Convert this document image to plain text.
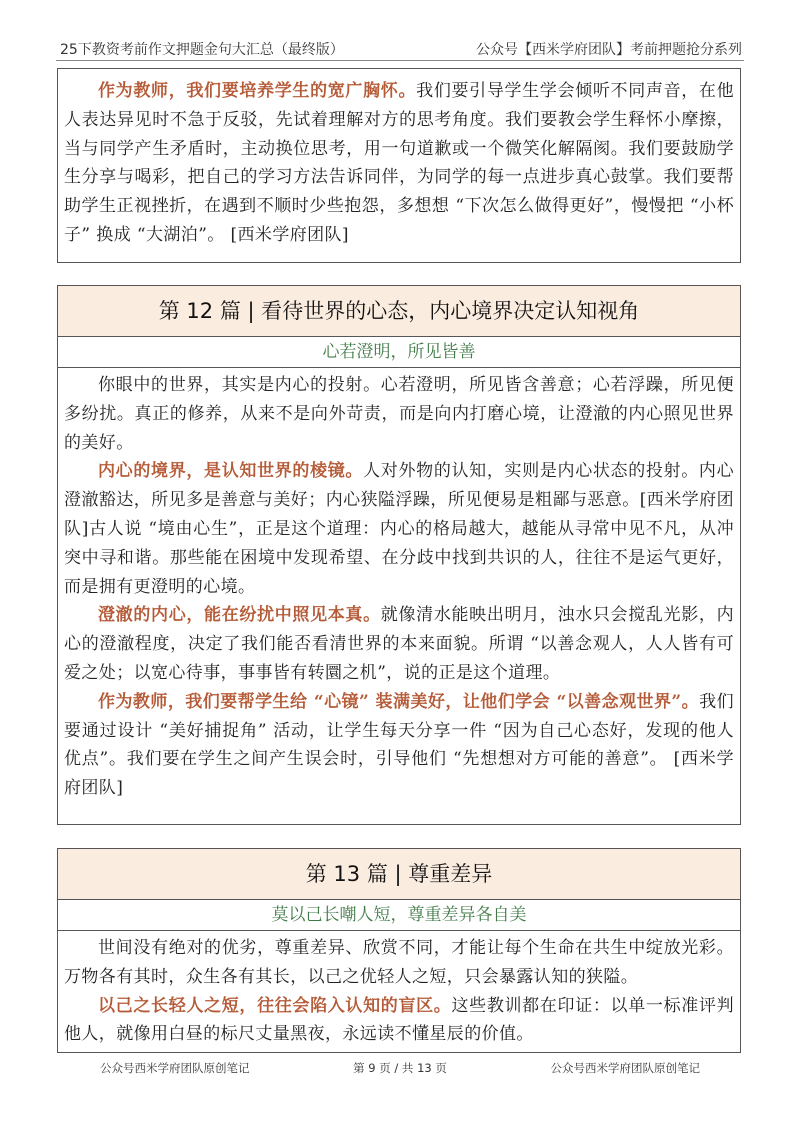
25下教资考前作文押题金句大汇总（最终版）	公众号【西米学府团队】考前押题抢分系列

作为教师，我们要培养学生的宽广胸怀。我们要引导学生学会倾听不同声音，在他人表达异见时不急于反驳，先试着理解对方的思考角度。我们要教会学生释怀小摩擦，当与同学产生矛盾时，主动换位思考，用一句道歉或一个微笑化解隔阂。我们要鼓励学生分享与喝彩，把自己的学习方法告诉同伴，为同学的每一点进步真心鼓掌。我们要帮助学生正视挫折，在遇到不顺时少些抱怨，多想想 “下次怎么做得更好”，慢慢把 “小杯子” 换成 “大湖泊”。 [西米学府团队]

第 12 篇 | 看待世界的心态，内心境界决定认知视角
心若澄明，所见皆善

你眼中的世界，其实是内心的投射。心若澄明，所见皆含善意；心若浮躁，所见便多纷扰。真正的修养，从来不是向外苛责，而是向内打磨心境，让澄澈的内心照见世界的美好。

内心的境界，是认知世界的棱镜。人对外物的认知，实则是内心状态的投射。内心澄澈豁达，所见多是善意与美好；内心狭隘浮躁，所见便易是粗鄙与恶意。[西米学府团队]古人说 “境由心生”，正是这个道理：内心的格局越大，越能从寻常中见不凡，从冲突中寻和谐。那些能在困境中发现希望、在分歧中找到共识的人，往往不是运气更好，而是拥有更澄明的心境。

澄澈的内心，能在纷扰中照见本真。就像清水能映出明月，浊水只会搅乱光影，内心的澄澈程度，决定了我们能否看清世界的本来面貌。所谓 “以善念观人，人人皆有可爱之处；以宽心待事，事事皆有转圜之机”，说的正是这个道理。

作为教师，我们要帮学生给 “心镜” 装满美好，让他们学会 “以善念观世界”。我们要通过设计 “美好捕捉角” 活动，让学生每天分享一件 “因为自己心态好，发现的他人优点”。我们要在学生之间产生误会时，引导他们 “先想想对方可能的善意”。 [西米学府团队]

第 13 篇 | 尊重差异
莫以己长嘲人短，尊重差异各自美

世间没有绝对的优劣，尊重差异、欣赏不同，才能让每个生命在共生中绽放光彩。万物各有其时，众生各有其长，以己之优轻人之短，只会暴露认知的狭隘。

以己之长轻人之短，往往会陷入认知的盲区。这些教训都在印证：以单一标准评判他人，就像用白昼的标尺丈量黑夜，永远读不懂星辰的价值。

公众号西米学府团队原创笔记	第 9 页 / 共 13 页	公众号西米学府团队原创笔记
